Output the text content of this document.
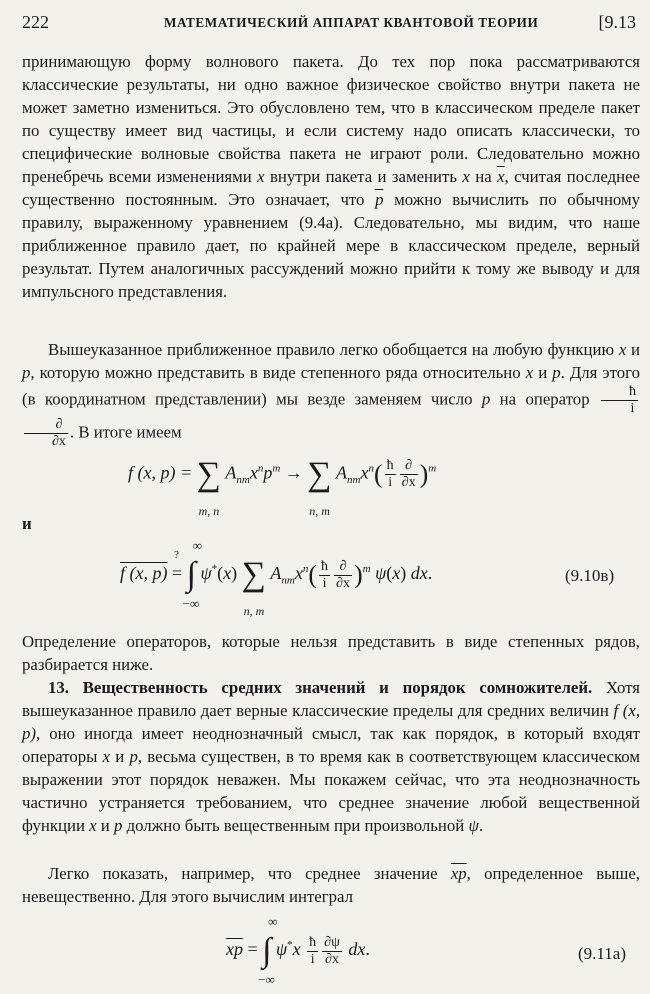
222	МАТЕМАТИЧЕСКИЙ АППАРАТ КВАНТОВОЙ ТЕОРИИ	[9.13

принимающую форму волнового пакета. До тех пор пока рассматриваются классические результаты, ни одно важное физическое свойство внутри пакета не может заметно измениться. Это обусловлено тем, что в классическом пределе пакет по существу имеет вид частицы, и если систему надо описать классически, то специфические волновые свойства пакета не играют роли. Следовательно можно пренебречь всеми изменениями x внутри пакета и заменить x на $\overline{x}$, считая последнее существенно постоянным. Это означает, что $\overline{p}$ можно вычислить по обычному правилу, выраженному уравнением (9.4а). Следовательно, мы видим, что наше приближенное правило дает, по крайней мере в классическом пределе, верный результат. Путем аналогичных рассуждений можно прийти к тому же выводу и для импульсного представления.

Вышеуказанное приближенное правило легко обобщается на любую функцию x и p, которую можно представить в виде степенного ряда относительно x и p. Для этого (в координатном представлении) мы везде заменяем число p на оператор $\frac{ħ}{i}$

$\frac{\partial}{\partial x}$ . В итоге имеем

f (x, p) = ∑
m, n
$A_{nm}x^np^m$ → ∑
n, m
$A_{nm}x^n( \frac{ħ}{i} \frac{\partial}{\partial x} )^m$
и
f (x, p) =
?
∫
∞
−∞
ψ*(x) ∑
n, m
$A_{nm}x^n( \frac{ħ}{i} \frac{\partial}{\partial x} )^m$ ψ(x) dx.	(9.10в)

Определение операторов, которые нельзя представить в виде степенных рядов, разбирается ниже.

13. Вещественность средних значений и порядок сомножителей. Хотя вышеуказанное правило дает верные классические пределы для средних величин f (x, p), оно иногда имеет неоднозначный смысл, так как порядок, в который входят операторы x и p, весьма существен, в то время как в соответствующем классическом выражении этот порядок неважен. Мы покажем сейчас, что эта неоднозначность частично устраняется требованием, что среднее значение любой вещественной функции x и p должно быть вещественным при произвольной ψ.

Легко показать, например, что среднее значение $\overline{xp}$, определенное выше, невещественно. Для этого вычислим интеграл

$\overline{xp}$ = ∫
∞
−∞
$\psi^*x \frac{ħ}{i} \frac{\partial\psi}{\partial x}$ dx.	(9.11а)
